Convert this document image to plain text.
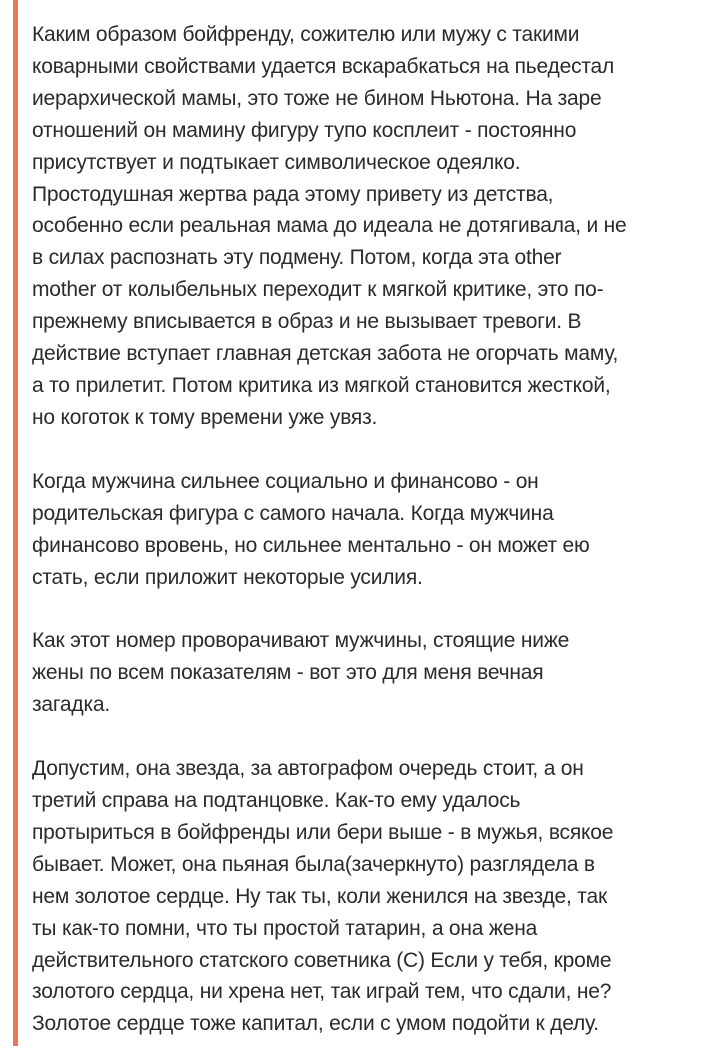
Каким образом бойфренду, сожителю или мужу с такими
коварными свойствами удается вскарабкаться на пьедестал
иерархической мамы, это тоже не бином Ньютона. На заре
отношений он мамину фигуру тупо косплеит - постоянно
присутствует и подтыкает символическое одеялко.
Простодушная жертва рада этому привету из детства,
особенно если реальная мама до идеала не дотягивала, и не
в силах распознать эту подмену. Потом, когда эта other
mother от колыбельных переходит к мягкой критике, это по-
прежнему вписывается в образ и не вызывает тревоги. В
действие вступает главная детская забота не огорчать маму,
а то прилетит. Потом критика из мягкой становится жесткой,
но коготок к тому времени уже увяз.

Когда мужчина сильнее социально и финансово - он
родительская фигура с самого начала. Когда мужчина
финансово вровень, но сильнее ментально - он может ею
стать, если приложит некоторые усилия.

Как этот номер проворачивают мужчины, стоящие ниже
жены по всем показателям - вот это для меня вечная
загадка.

Допустим, она звезда, за автографом очередь стоит, а он
третий справа на подтанцовке. Как-то ему удалось
протыриться в бойфренды или бери выше - в мужья, всякое
бывает. Может, она пьяная была(зачеркнуто) разглядела в
нем золотое сердце. Ну так ты, коли женился на звезде, так
ты как-то помни, что ты простой татарин, а она жена
действительного статского советника (С) Если у тебя, кроме
золотого сердца, ни хрена нет, так играй тем, что сдали, не?
Золотое сердце тоже капитал, если с умом подойти к делу.
